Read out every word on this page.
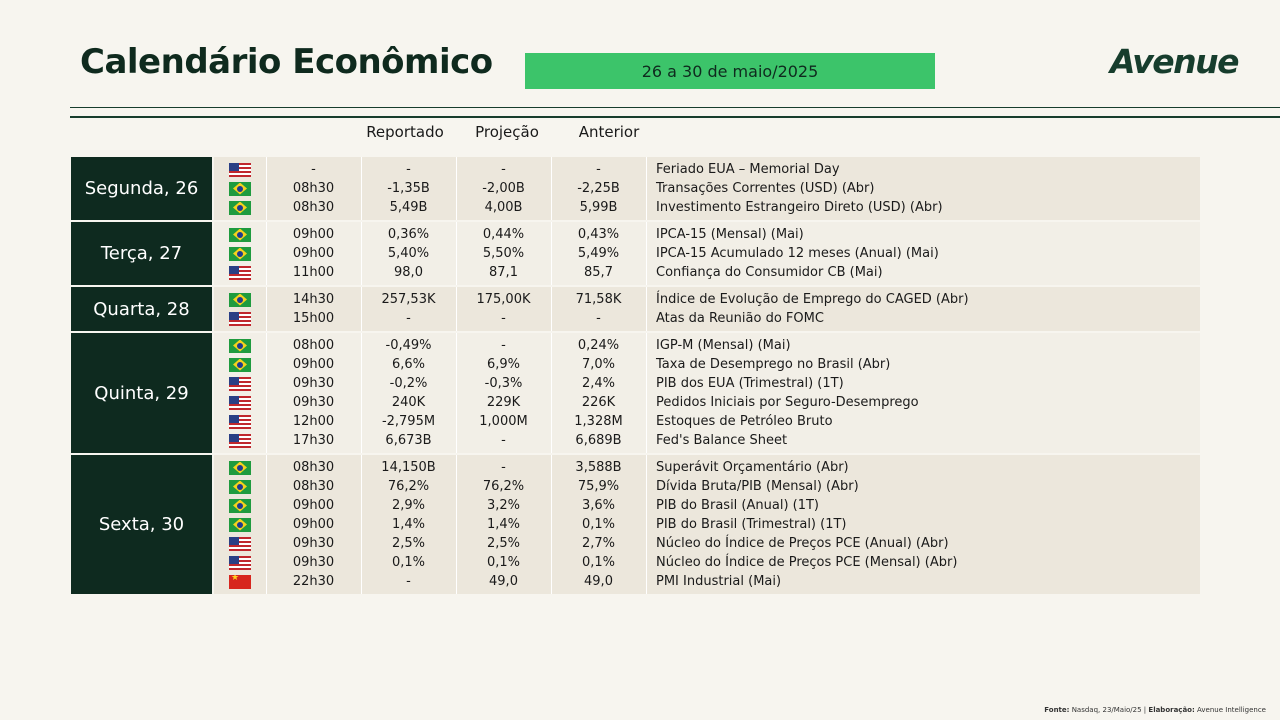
Calendário Econômico	26 a 30 de maio/2025	Avenue
Reportado	Projeção	Anterior
Segunda, 26
-	-	-	-	Feriado EUA – Memorial Day
08h30	-1,35B	-2,00B	-2,25B	Transações Correntes (USD) (Abr)
08h30	5,49B	4,00B	5,99B	Investimento Estrangeiro Direto (USD) (Abr)
Terça, 27
09h00	0,36%	0,44%	0,43%	IPCA-15 (Mensal) (Mai)
09h00	5,40%	5,50%	5,49%	IPCA-15 Acumulado 12 meses (Anual) (Mai)
11h00	98,0	87,1	85,7	Confiança do Consumidor CB (Mai)
Quarta, 28	14h30	257,53K	175,00K	71,58K	Índice de Evolução de Emprego do CAGED (Abr)
15h00	-	-	-	Atas da Reunião do FOMC
Quinta, 29
08h00	-0,49%	-	0,24%	IGP-M (Mensal) (Mai)
09h00	6,6%	6,9%	7,0%	Taxa de Desemprego no Brasil (Abr)
09h30	-0,2%	-0,3%	2,4%	PIB dos EUA (Trimestral) (1T)
09h30	240K	229K	226K	Pedidos Iniciais por Seguro-Desemprego
12h00	-2,795M	1,000M	1,328M	Estoques de Petróleo Bruto
17h30	6,673B	-	6,689B	Fed's Balance Sheet
Sexta, 30
08h30	14,150B	-	3,588B	Superávit Orçamentário (Abr)
08h30	76,2%	76,2%	75,9%	Dívida Bruta/PIB (Mensal) (Abr)
09h00	2,9%	3,2%	3,6%	PIB do Brasil (Anual) (1T)
09h00	1,4%	1,4%	0,1%	PIB do Brasil (Trimestral) (1T)
09h30	2,5%	2,5%	2,7%	Núcleo do Índice de Preços PCE (Anual) (Abr)
09h30	0,1%	0,1%	0,1%	Núcleo do Índice de Preços PCE (Mensal) (Abr)
★
22h30	-	49,0	49,0	PMI Industrial (Mai)
Fonte: Nasdaq, 23/Maio/25 | Elaboração: Avenue Intelligence
